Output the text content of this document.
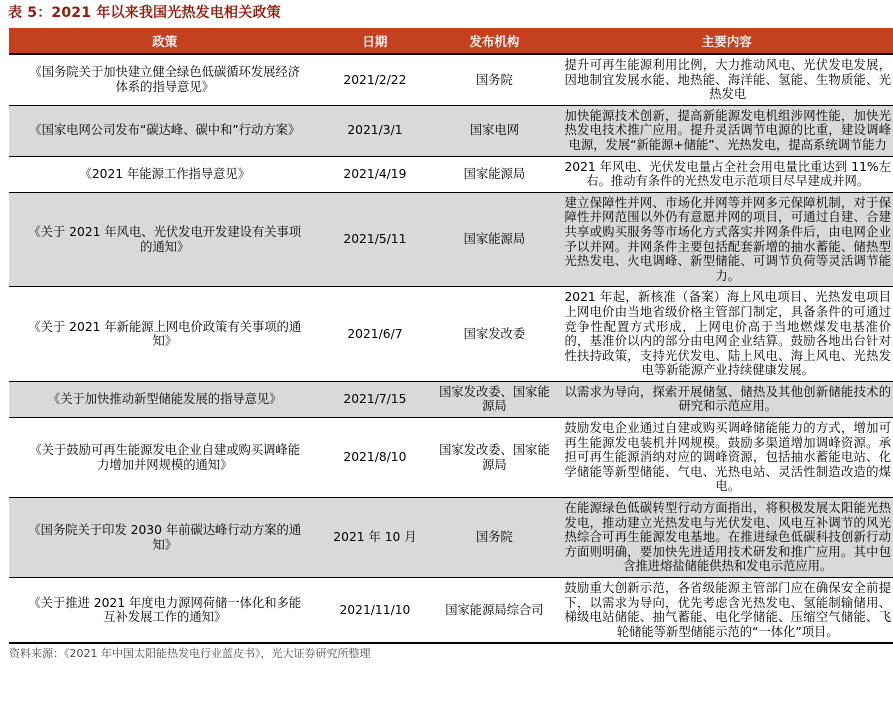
表 5：2021 年以来我国光热发电相关政策
政策	日期	发布机构	主要内容
《国务院关于加快建立健全绿色低碳循环发展经济体系的指导意见》	2021/2/22	国务院	提升可再生能源利用比例，大力推动风电、光伏发电发展，因地制宜发展水能、地热能、海洋能、氢能、生物质能、光热发电
《国家电网公司发布“碳达峰、碳中和”行动方案》	2021/3/1	国家电网	加快能源技术创新，提高新能源发电机组涉网性能，加快光热发电技术推广应用。提升灵活调节电源的比重，建设调峰电源，发展“新能源+储能”、光热发电，提高系统调节能力
《2021 年能源工作指导意见》	2021/4/19	国家能源局	2021 年风电、光伏发电量占全社会用电量比重达到 11%左右。推动有条件的光热发电示范项目尽早建成并网。
《关于 2021 年风电、光伏发电开发建设有关事项的通知》	2021/5/11	国家能源局	建立保障性并网、市场化并网等并网多元保障机制，对于保障性并网范围以外仍有意愿并网的项目，可通过自建、合建共享或购买服务等市场化方式落实并网条件后，由电网企业予以并网。并网条件主要包括配套新增的抽水蓄能、储热型光热发电、火电调峰、新型储能、可调节负荷等灵活调节能力。
《关于 2021 年新能源上网电价政策有关事项的通知》	2021/6/7	国家发改委	2021 年起，新核准（备案）海上风电项目、光热发电项目上网电价由当地省级价格主管部门制定，具备条件的可通过竞争性配置方式形成，上网电价高于当地燃煤发电基准价的，基准价以内的部分由电网企业结算。鼓励各地出台针对性扶持政策，支持光伏发电、陆上风电、海上风电、光热发电等新能源产业持续健康发展。
《关于加快推动新型储能发展的指导意见》	2021/7/15	国家发改委、国家能源局	以需求为导向，探索开展储氢、储热及其他创新储能技术的研究和示范应用。
《关于鼓励可再生能源发电企业自建或购买调峰能力增加并网规模的通知》	2021/8/10	国家发改委、国家能源局	鼓励发电企业通过自建或购买调峰储能能力的方式，增加可再生能源发电装机并网规模。鼓励多渠道增加调峰资源。承担可再生能源消纳对应的调峰资源，包括抽水蓄能电站、化学储能等新型储能、气电、光热电站、灵活性制造改造的煤电。
《国务院关于印发 2030 年前碳达峰行动方案的通知》	2021 年 10 月	国务院	在能源绿色低碳转型行动方面指出，将积极发展太阳能光热发电，推动建立光热发电与光伏发电、风电互补调节的风光热综合可再生能源发电基地。在推进绿色低碳科技创新行动方面则明确，要加快先进适用技术研发和推广应用。其中包含推进熔盐储能供热和发电示范应用。
《关于推进 2021 年度电力源网荷储一体化和多能互补发展工作的通知》	2021/11/10	国家能源局综合司	鼓励重大创新示范，各省级能源主管部门应在确保安全前提下，以需求为导向，优先考虑含光热发电、氢能制输储用、梯级电站储能、抽气蓄能、电化学储能、压缩空气储能、飞轮储能等新型储能示范的“一体化”项目。
资料来源：《2021 年中国太阳能热发电行业蓝皮书》，光大证券研究所整理
